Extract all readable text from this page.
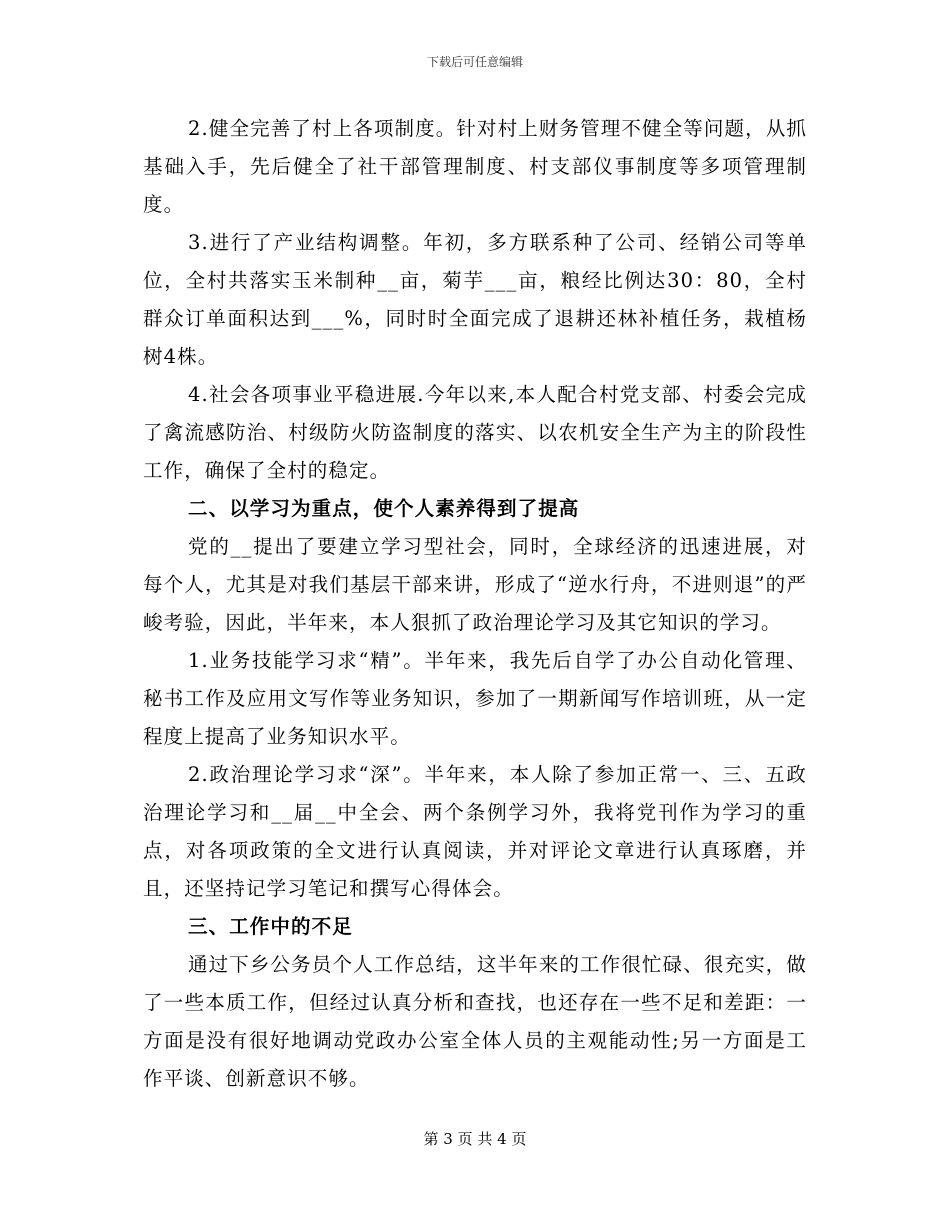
下载后可任意编辑

2.健全完善了村上各项制度。针对村上财务管理不健全等问题，从抓基础入手，先后健全了社干部管理制度、村支部仪事制度等多项管理制度。

3.进行了产业结构调整。年初，多方联系种了公司、经销公司等单位，全村共落实玉米制种__亩，菊芋___亩，粮经比例达30：80，全村群众订单面积达到___%，同时时全面完成了退耕还林补植任务，栽植杨树4株。

4.社会各项事业平稳进展.今年以来,本人配合村党支部、村委会完成了禽流感防治、村级防火防盗制度的落实、以农机安全生产为主的阶段性工作，确保了全村的稳定。

二、以学习为重点，使个人素养得到了提高

党的__提出了要建立学习型社会，同时，全球经济的迅速进展，对每个人，尤其是对我们基层干部来讲，形成了“逆水行舟，不进则退”的严峻考验，因此，半年来，本人狠抓了政治理论学习及其它知识的学习。

1.业务技能学习求“精”。半年来，我先后自学了办公自动化管理、秘书工作及应用文写作等业务知识，参加了一期新闻写作培训班，从一定程度上提高了业务知识水平。

2.政治理论学习求“深”。半年来，本人除了参加正常一、三、五政治理论学习和__届__中全会、两个条例学习外，我将党刊作为学习的重点，对各项政策的全文进行认真阅读，并对评论文章进行认真琢磨，并且，还坚持记学习笔记和撰写心得体会。

三、工作中的不足

通过下乡公务员个人工作总结，这半年来的工作很忙碌、很充实，做了一些本质工作，但经过认真分析和查找，也还存在一些不足和差距：一方面是没有很好地调动党政办公室全体人员的主观能动性;另一方面是工作平谈、创新意识不够。

第 3 页 共 4 页
